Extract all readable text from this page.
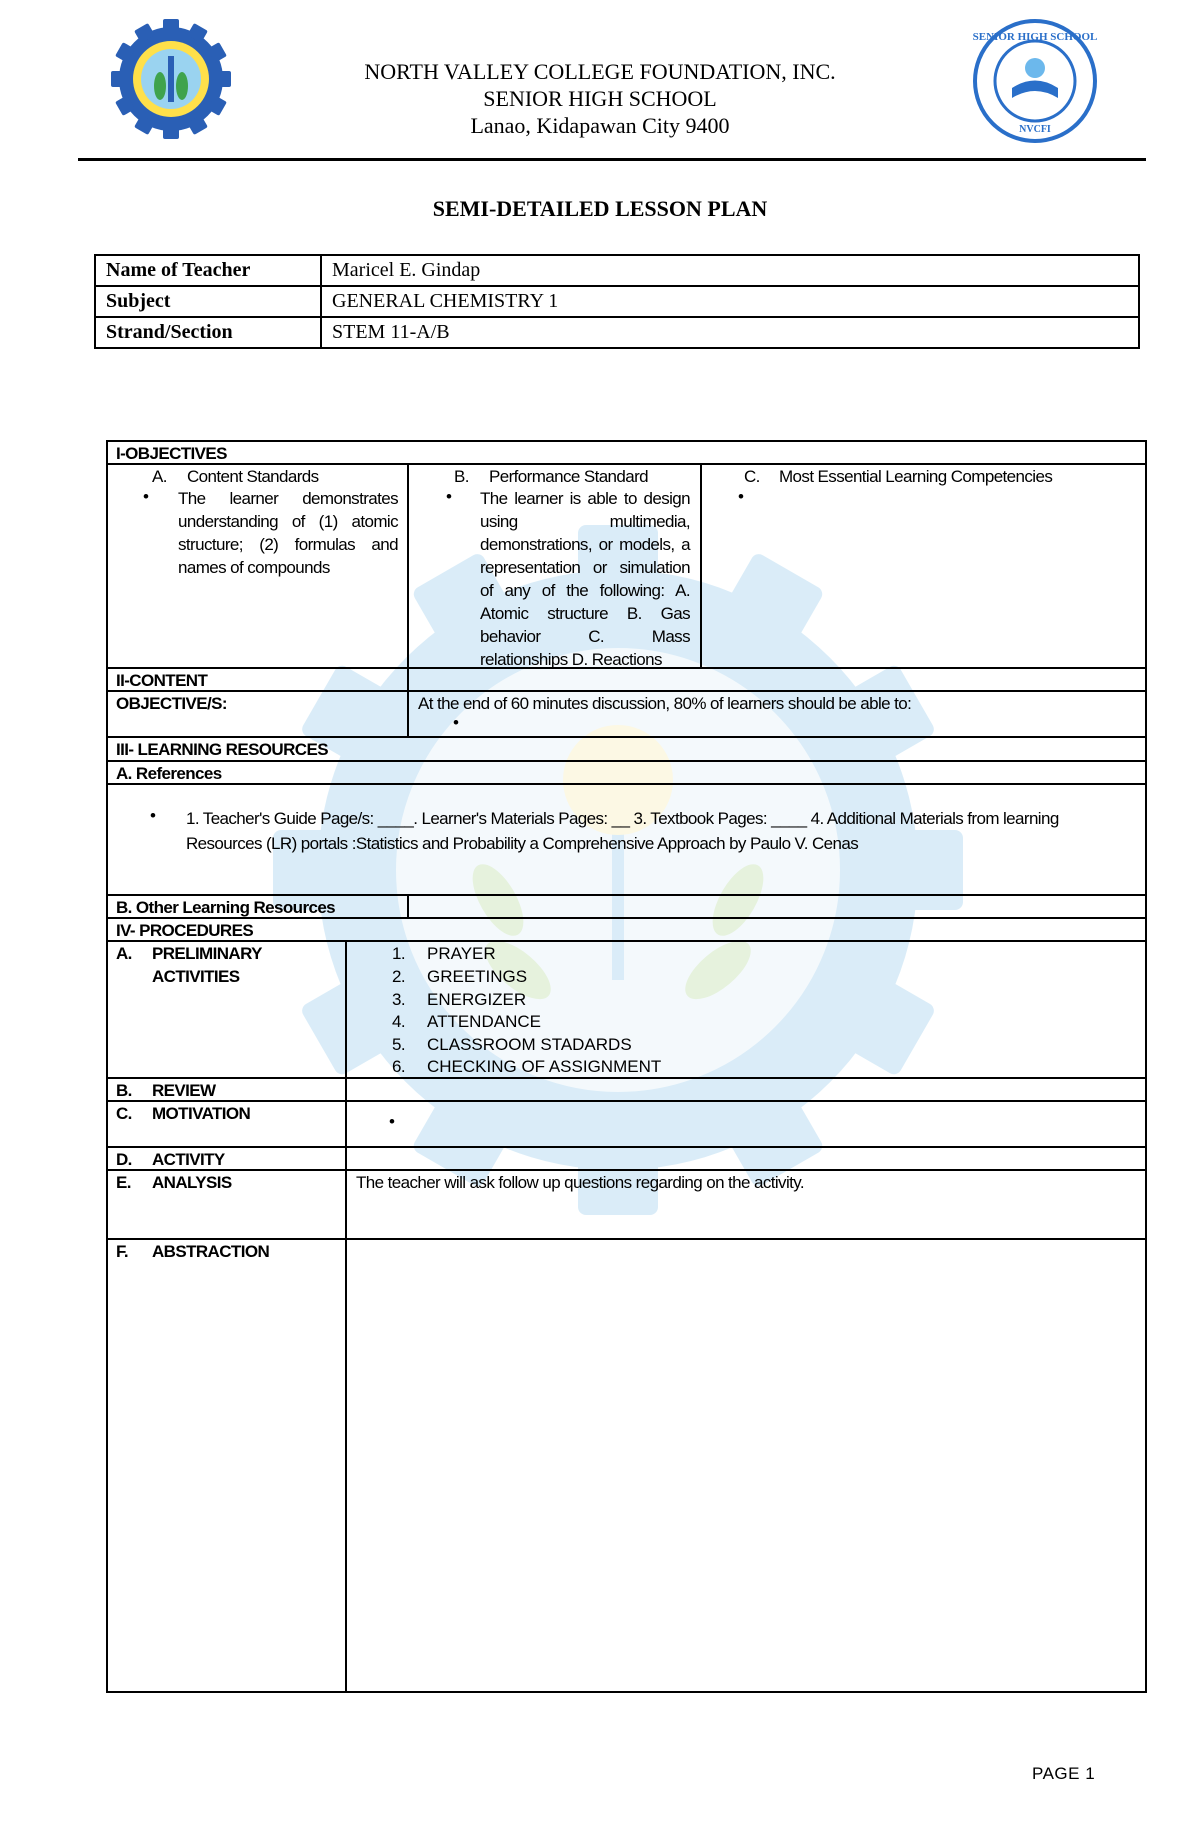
SENIOR HIGH SCHOOL
NVCFI
NORTH VALLEY COLLEGE FOUNDATION, INC.
SENIOR HIGH SCHOOL
Lanao, Kidapawan City 9400
SEMI-DETAILED LESSON PLAN
Name of Teacher	Maricel E. Gindap
Subject	GENERAL CHEMISTRY 1
Strand/Section	STEM 11-A/B
I-OBJECTIVES
A. Content Standards
• The learner demonstrates understanding of (1) atomic structure; (2) formulas and names of compounds
B. Performance Standard
• The learner is able to design using multimedia, demonstrations, or models, a representation or simulation of any of the following: A. Atomic structure B. Gas behavior C. Mass relationships D. Reactions
C. Most Essential Learning Competencies
•
II-CONTENT
OBJECTIVE/S:	At the end of 60 minutes discussion, 80% of learners should be able to:
•
III- LEARNING RESOURCES
A. References
• 1. Teacher's Guide Page/s: ____. Learner's Materials Pages: __ 3. Textbook Pages: ____ 4. Additional Materials from learning Resources (LR) portals :Statistics and Probability a Comprehensive Approach by Paulo V. Cenas
B. Other Learning Resources
IV- PROCEDURES
A. PRELIMINARY ACTIVITIES
1. PRAYER
2. GREETINGS
3. ENERGIZER
4. ATTENDANCE
5. CLASSROOM STADARDS
6. CHECKING OF ASSIGNMENT
B. REVIEW
C. MOTIVATION	•
D. ACTIVITY
E. ANALYSIS	The teacher will ask follow up questions regarding on the activity.
F. ABSTRACTION
PAGE 1
